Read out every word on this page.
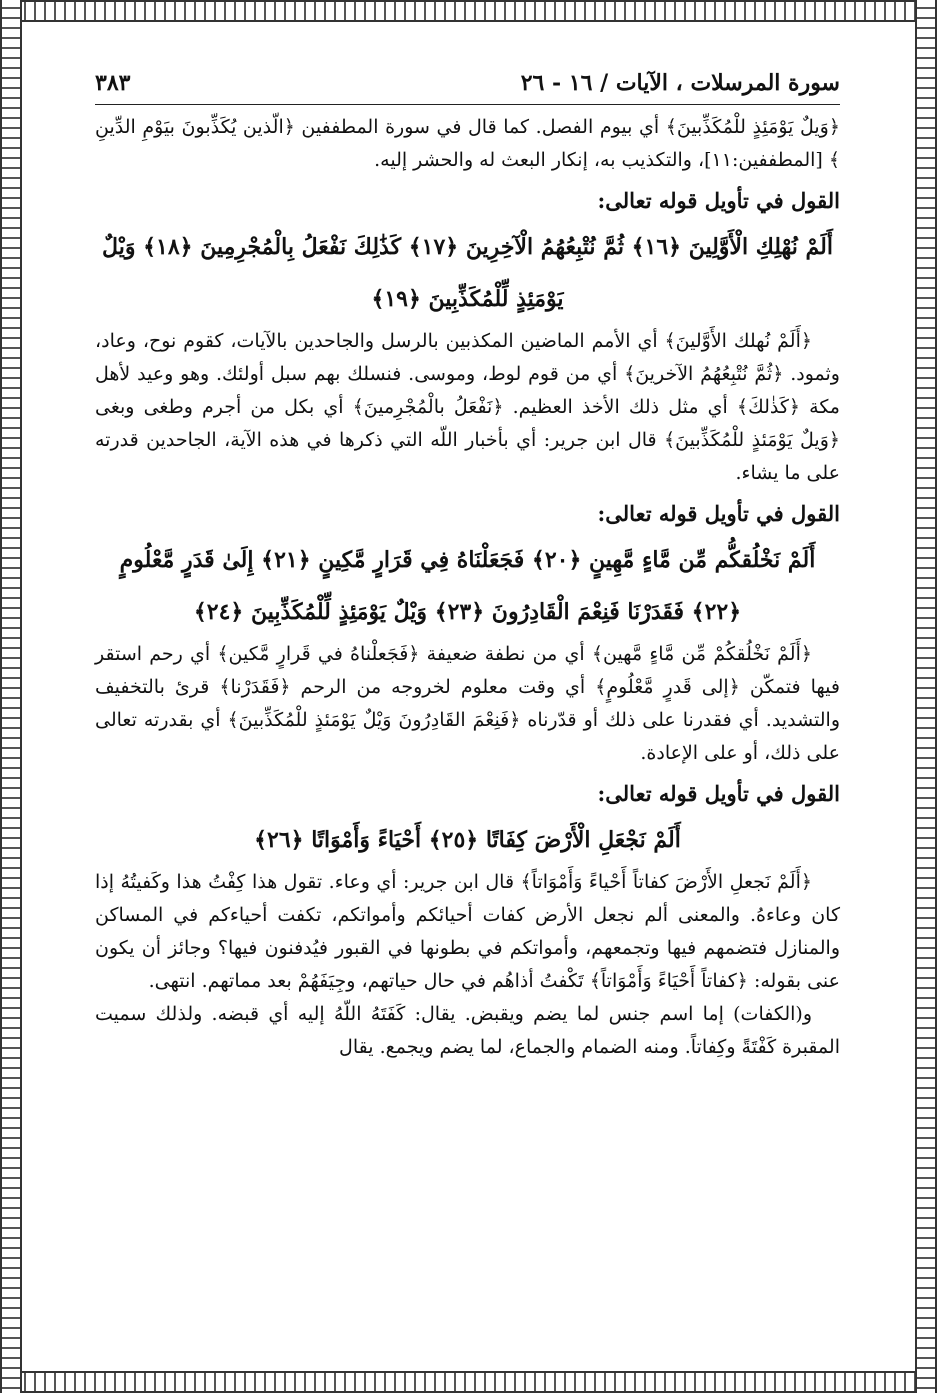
سورة المرسلات ، الآيات / ١٦ - ٢٦
٣٨٣

﴿وَيلٌ يَوْمَئِذٍ للْمُكَذِّبينَ﴾ أي بيوم الفصل. كما قال في سورة المطففين ﴿الّذين يُكَذِّبونَ بيَوْمِ الدِّينِ ﴾ [المطففين:١١]، والتكذيب به، إنكار البعث له والحشر إليه.

القول في تأويل قوله تعالى:
أَلَمْ نُهْلِكِ الْأَوَّلِينَ ﴿١٦﴾ ثُمَّ نُتْبِعُهُمُ الْآخِرِينَ ﴿١٧﴾ كَذَٰلِكَ نَفْعَلُ بِالْمُجْرِمِينَ ﴿١٨﴾ وَيْلٌ يَوْمَئِذٍ لِّلْمُكَذِّبِينَ ﴿١٩﴾

﴿أَلَمْ نُهلك الأَوَّلينَ﴾ أي الأمم الماضين المكذبين بالرسل والجاحدين بالآيات، كقوم نوح، وعاد، وثمود. ﴿ثُمَّ نُتْبِعُهُمُ الآخرينَ﴾ أي من قوم لوط، وموسى. فنسلك بهم سبل أولئك. وهو وعيد لأهل مكة ﴿كَذٰلكَ﴾ أي مثل ذلك الأخذ العظيم. ﴿نَفْعَلُ بالْمُجْرِمينَ﴾ أي بكل من أجرم وطغى وبغى ﴿وَيلٌ يَوْمَئذٍ للْمُكَذِّبينَ﴾ قال ابن جرير: أي بأخبار اللّه التي ذكرها في هذه الآية، الجاحدين قدرته على ما يشاء.

القول في تأويل قوله تعالى:
أَلَمْ نَخْلُقكُّم مِّن مَّاءٍ مَّهِينٍ ﴿٢٠﴾ فَجَعَلْنَاهُ فِي قَرَارٍ مَّكِينٍ ﴿٢١﴾ إِلَىٰ قَدَرٍ مَّعْلُومٍ ﴿٢٢﴾ فَقَدَرْنَا فَنِعْمَ الْقَادِرُونَ ﴿٢٣﴾ وَيْلٌ يَوْمَئِذٍ لِّلْمُكَذِّبِينَ ﴿٢٤﴾

﴿أَلَمْ نَخْلُقكُمْ مِّن مَّاءٍ مَّهين﴾ أي من نطفة ضعيفة ﴿فَجَعلْناهُ في قَرارٍ مَّكين﴾ أي رحم استقر فيها فتمكّن ﴿إلى قَدرٍ مَّعْلُومٍ﴾ أي وقت معلوم لخروجه من الرحم ﴿فَقَدَرْنا﴾ قرئ بالتخفيف والتشديد. أي فقدرنا على ذلك أو قدّرناه ﴿فَنِعْمَ القَادِرُونَ وَيْلٌ يَوْمَئذٍ للْمُكَذِّبينَ﴾ أي بقدرته تعالى على ذلك، أو على الإعادة.

القول في تأويل قوله تعالى:
أَلَمْ نَجْعَلِ الْأَرْضَ كِفَاتًا ﴿٢٥﴾ أَحْيَاءً وَأَمْوَاتًا ﴿٢٦﴾

﴿أَلَمْ نَجعلِ الأَرْضَ كفاتاً أَحْياءً وَأَمْوَاتاً﴾ قال ابن جرير: أي وعاء. تقول هذا كِفْتُ هذا وكَفيتُهُ إذا كان وعاءهُ. والمعنى ألم نجعل الأرض كفات أحيائكم وأمواتكم، تكفت أحياءكم في المساكن والمنازل فتضمهم فيها وتجمعهم، وأمواتكم في بطونها في القبور فيُدفنون فيها؟ وجائز أن يكون عنى بقوله: ﴿كفاتاً أَحْيَاءً وَأَمْوَاتاً﴾ تَكْفتُ أذاهُم في حال حياتهم، وجِيَفَهُمْ بعد مماتهم. انتهى.

و(الكفات) إما اسم جنس لما يضم ويقبض. يقال: كَفَتَهُ اللّهُ إليه أي قبضه. ولذلك سميت المقبرة كَفْتَةً وكِفاتاً. ومنه الضمام والجماع، لما يضم ويجمع. يقال
